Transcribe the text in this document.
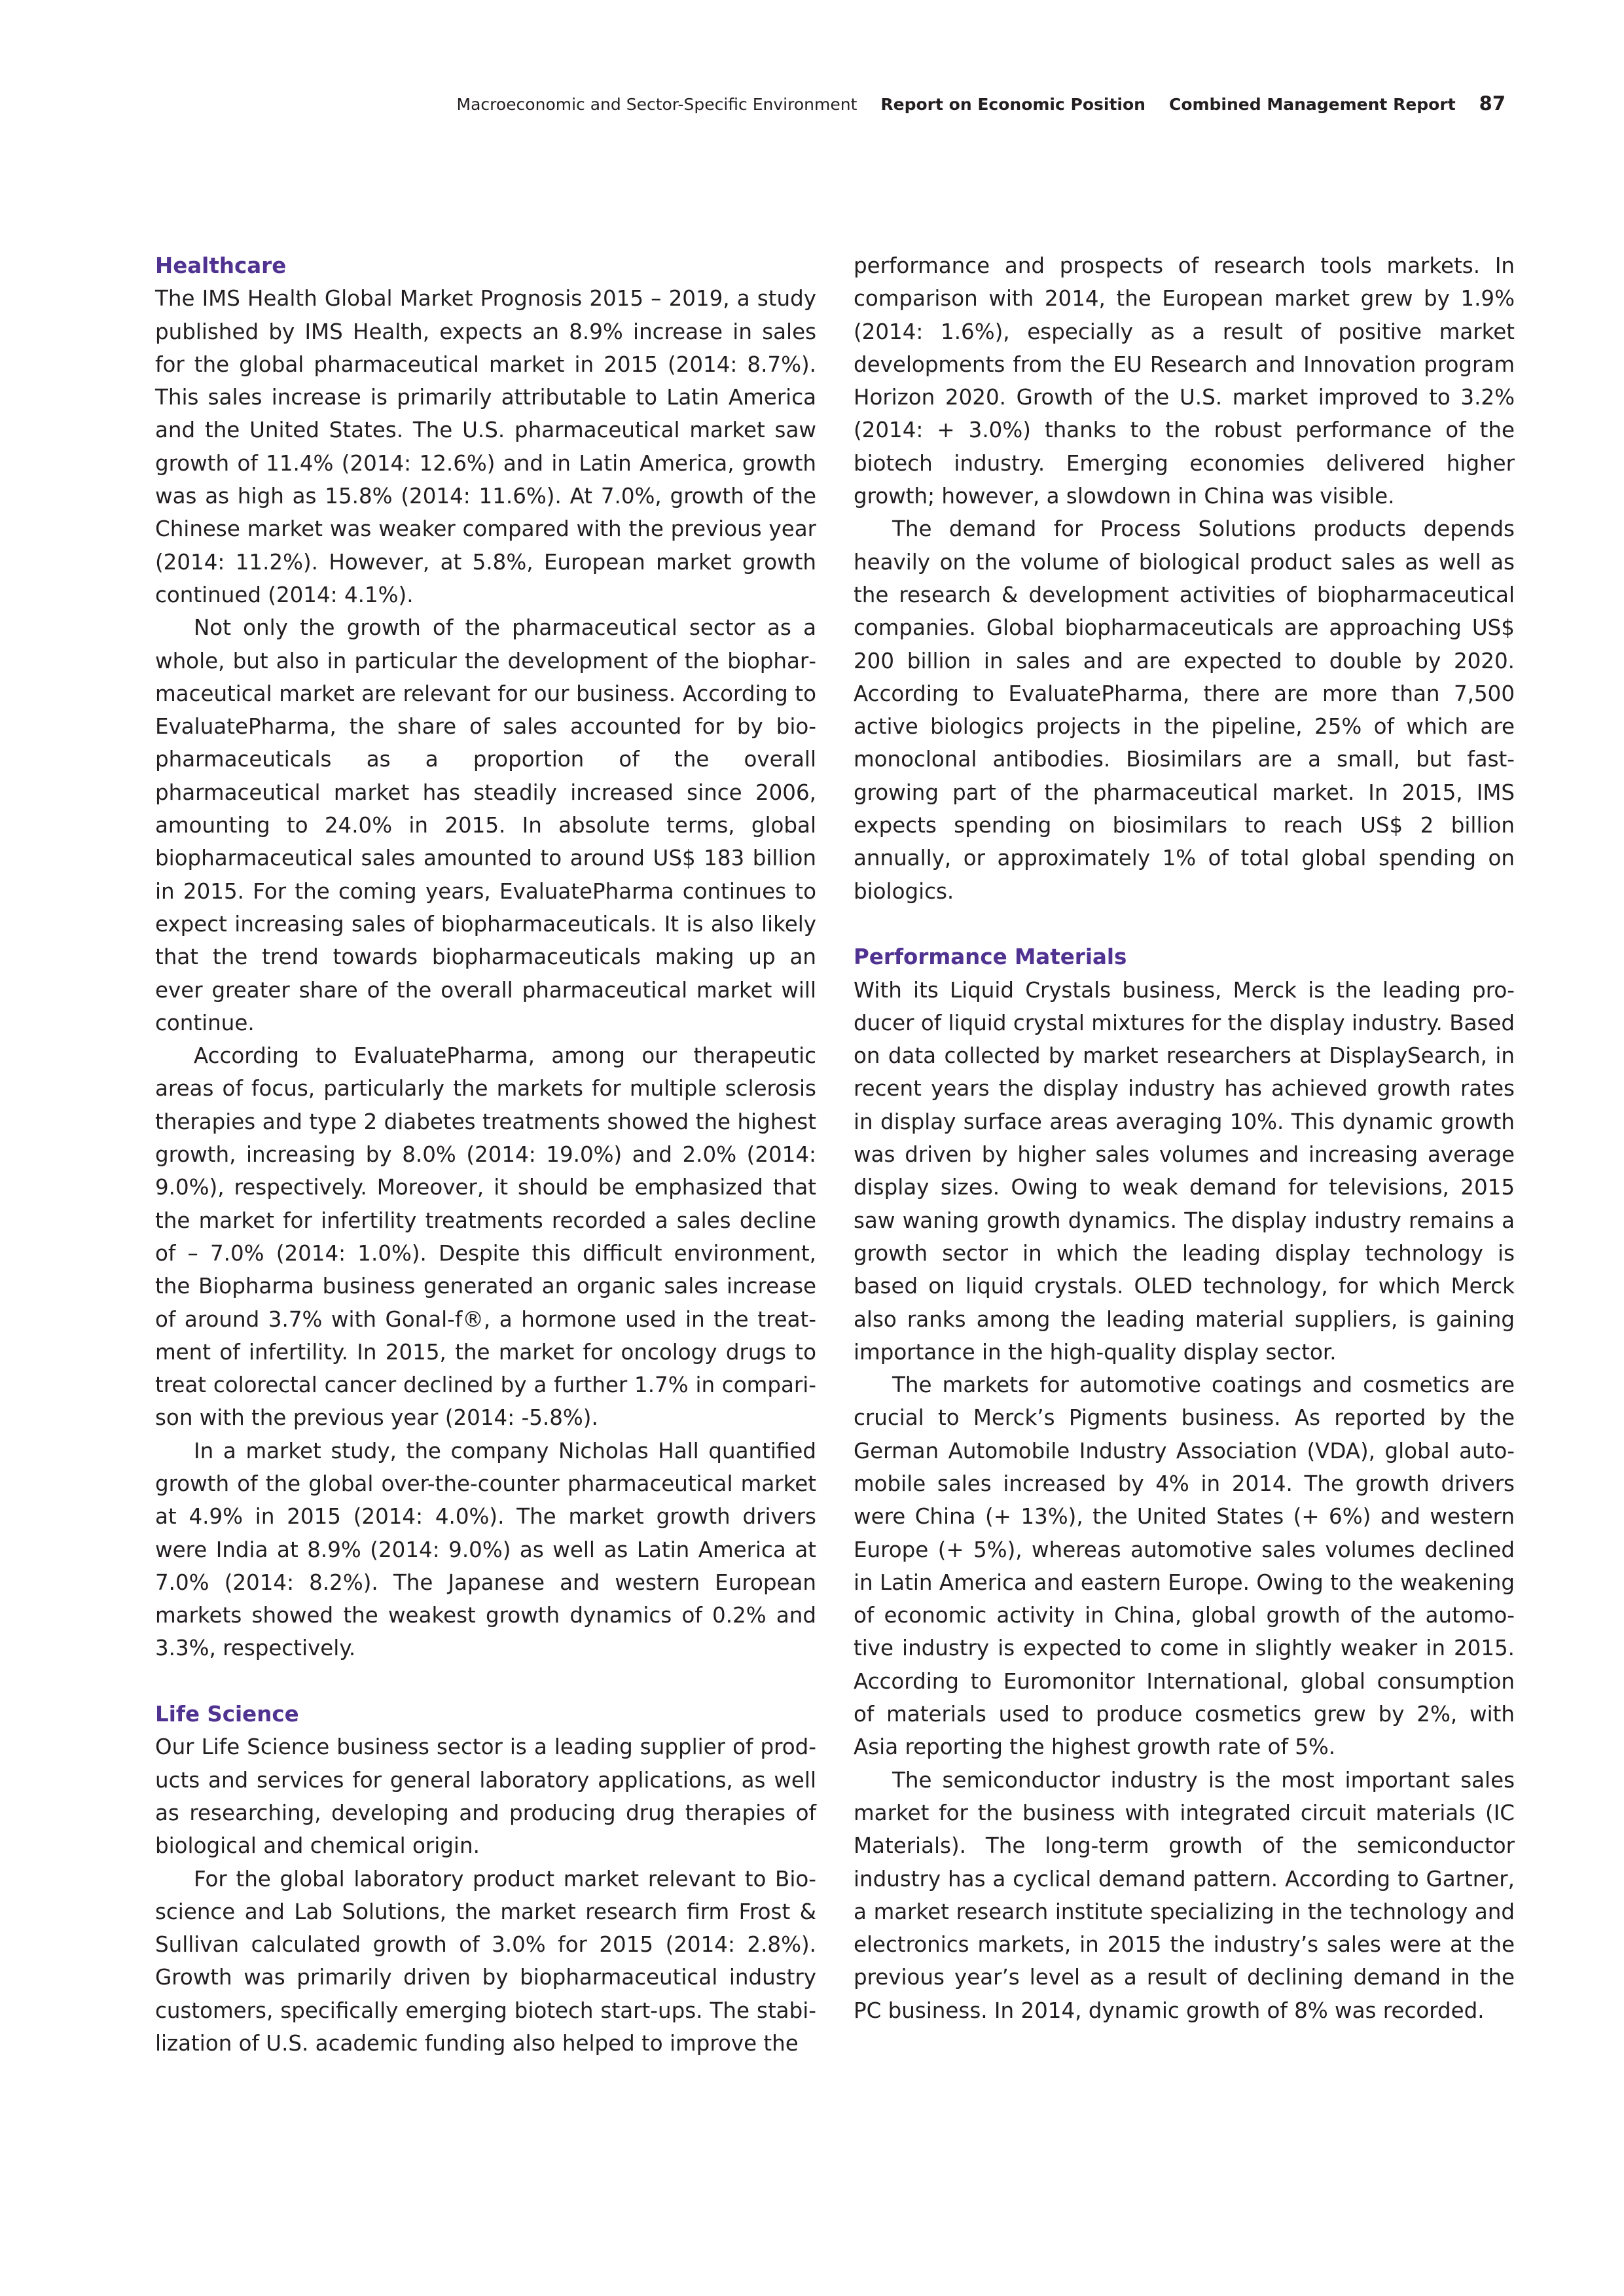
Macroeconomic and Sector-Specific Environment Report on Economic Position Combined Management Report 87
Healthcare

The IMS Health Global Market Prognosis 2015 – 2019, a study published by IMS Health, expects an 8.9% increase in sales for the global pharmaceutical market in 2015 (2014: 8.7%). This sales increase is primarily attributable to Latin America and the United States. The U.S. pharmaceutical market saw growth of 11.4% (2014: 12.6%) and in Latin America, growth was as high as 15.8% (2014: 11.6%). At 7.0%, growth of the Chinese market was weaker compared with the previous year (2014: 11.2%). However, at 5.8%, European market growth continued (2014: 4.1%).

Not only the growth of the pharmaceutical sector as a whole, but also in particular the development of the biopharmaceutical market are relevant for our business. According to EvaluatePharma, the share of sales accounted for by biopharmaceuticals as a proportion of the overall pharmaceutical market has steadily increased since 2006, amounting to 24.0% in 2015. In absolute terms, global biopharmaceutical sales amounted to around US$ 183 billion in 2015. For the coming years, EvaluatePharma continues to expect increasing sales of biopharmaceuticals. It is also likely that the trend towards biopharmaceuticals making up an ever greater share of the overall pharmaceutical market will continue.

According to EvaluatePharma, among our therapeutic areas of focus, particularly the markets for multiple sclerosis therapies and type 2 diabetes treatments showed the highest growth, increasing by 8.0% (2014: 19.0%) and 2.0% (2014: 9.0%), respectively. Moreover, it should be emphasized that the market for infertility treatments recorded a sales decline of – 7.0% (2014: 1.0%). Despite this difficult environment, the Biopharma business generated an organic sales increase of around 3.7% with Gonal-f®, a hormone used in the treatment of infertility. In 2015, the market for oncology drugs to treat colorectal cancer declined by a further 1.7% in comparison with the previous year (2014: -5.8%).

In a market study, the company Nicholas Hall quantified growth of the global over-the-counter pharmaceutical market at 4.9% in 2015 (2014: 4.0%). The market growth drivers were India at 8.9% (2014: 9.0%) as well as Latin America at 7.0% (2014: 8.2%). The Japanese and western European markets showed the weakest growth dynamics of 0.2% and 3.3%, respectively.

Life Science

Our Life Science business sector is a leading supplier of products and services for general laboratory applications, as well as researching, developing and producing drug therapies of biological and chemical origin.

For the global laboratory product market relevant to Bioscience and Lab Solutions, the market research firm Frost & Sullivan calculated growth of 3.0% for 2015 (2014: 2.8%). Growth was primarily driven by biopharmaceutical industry customers, specifically emerging biotech start-ups. The stabilization of U.S. academic funding also helped to improve the

performance and prospects of research tools markets. In comparison with 2014, the European market grew by 1.9% (2014: 1.6%), especially as a result of positive market developments from the EU Research and Innovation program Horizon 2020. Growth of the U.S. market improved to 3.2% (2014: + 3.0%) thanks to the robust performance of the biotech industry. Emerging economies delivered higher growth; however, a slowdown in China was visible.

The demand for Process Solutions products depends heavily on the volume of biological product sales as well as the research & development activities of biopharmaceutical companies. Global biopharmaceuticals are approaching US$ 200 billion in sales and are expected to double by 2020. According to EvaluatePharma, there are more than 7,500 active biologics projects in the pipeline, 25% of which are monoclonal antibodies. Biosimilars are a small, but fast-growing part of the pharmaceutical market. In 2015, IMS expects spending on biosimilars to reach US$ 2 billion annually, or approximately 1% of total global spending on biologics.

Performance Materials

With its Liquid Crystals business, Merck is the leading producer of liquid crystal mixtures for the display industry. Based on data collected by market researchers at DisplaySearch, in recent years the display industry has achieved growth rates in display surface areas averaging 10%. This dynamic growth was driven by higher sales volumes and increasing average display sizes. Owing to weak demand for televisions, 2015 saw waning growth dynamics. The display industry remains a growth sector in which the leading display technology is based on liquid crystals. OLED technology, for which Merck also ranks among the leading material suppliers, is gaining importance in the high-quality display sector.

The markets for automotive coatings and cosmetics are crucial to Merck’s Pigments business. As reported by the German Automobile Industry Association (VDA), global automobile sales increased by 4% in 2014. The growth drivers were China (+ 13%), the United States (+ 6%) and western Europe (+ 5%), whereas automotive sales volumes declined in Latin America and eastern Europe. Owing to the weakening of economic activity in China, global growth of the automotive industry is expected to come in slightly weaker in 2015. According to Euromonitor International, global consumption of materials used to produce cosmetics grew by 2%, with Asia reporting the highest growth rate of 5%.

The semiconductor industry is the most important sales market for the business with integrated circuit materials (IC Materials). The long-term growth of the semiconductor industry has a cyclical demand pattern. According to Gartner, a market research institute specializing in the technology and electronics markets, in 2015 the industry’s sales were at the previous year’s level as a result of declining demand in the PC business. In 2014, dynamic growth of 8% was recorded.
